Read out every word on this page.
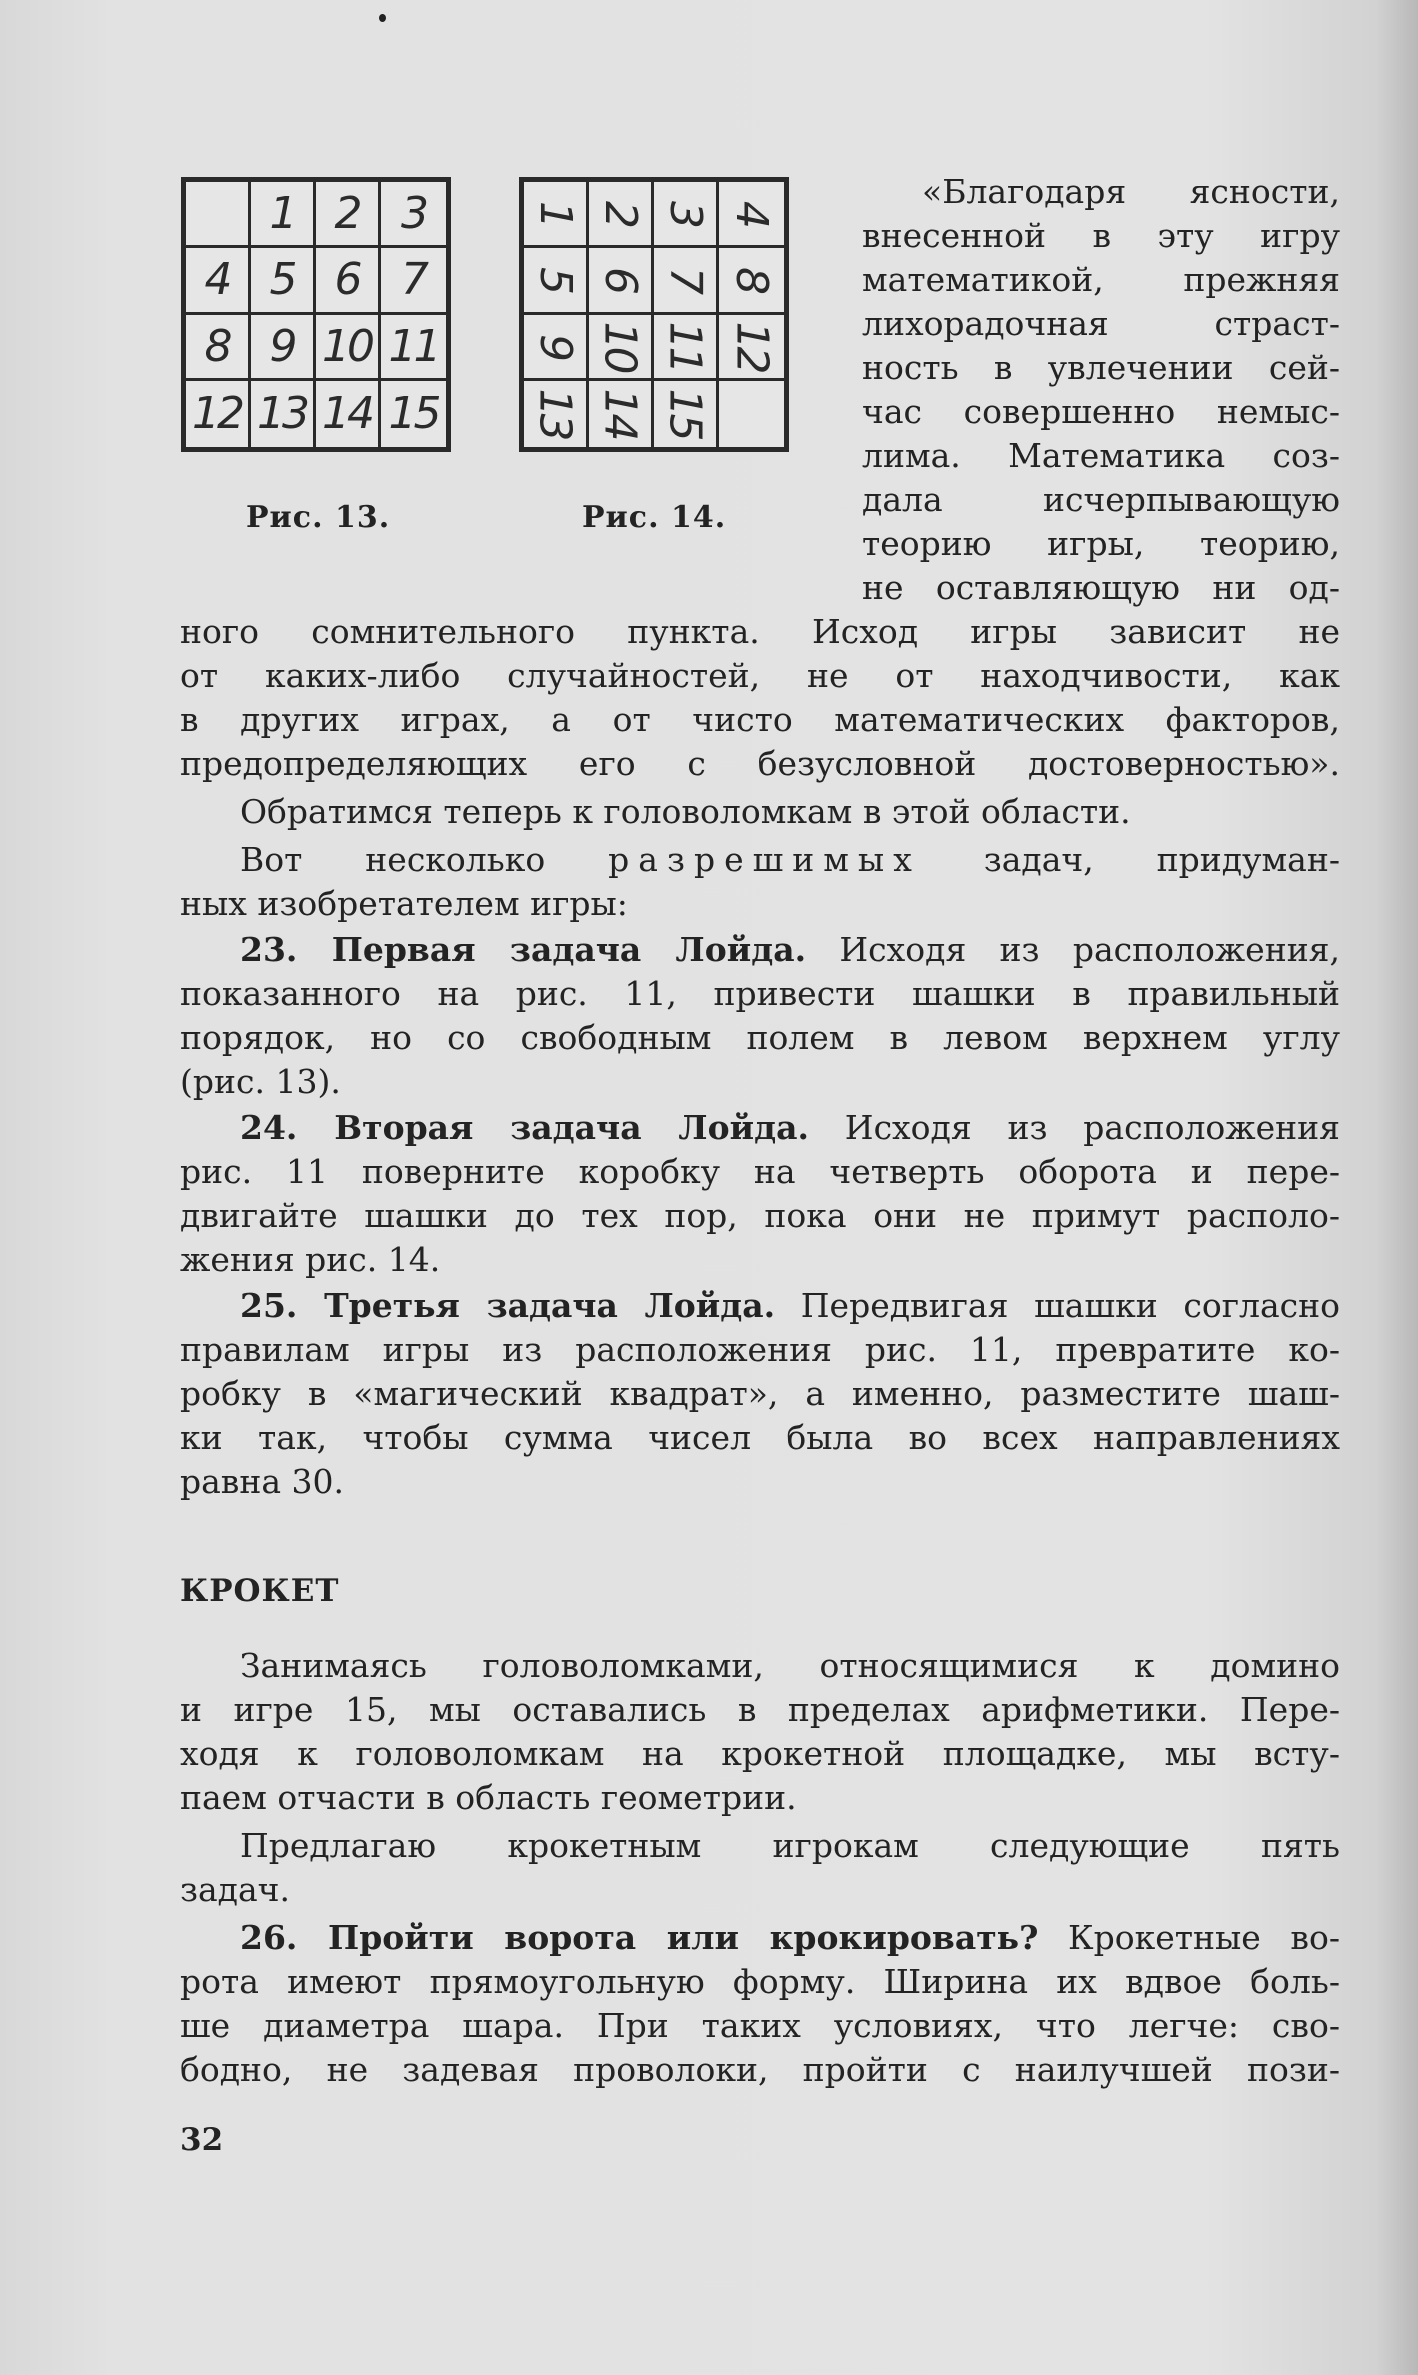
1 2 3
4 5 6 7
8 9 10 11
12 13 14 15
1 2 3 4
5 6 7 8
9 10 11 12
13 14 15
Рис. 13.	Рис. 14.

«Благодаря ясности,

внесенной в эту игру

математикой, прежняя

лихорадочная страст-

ность в увлечении сей-

час совершенно немыс-

лима. Математика соз-

дала исчерпывающую

теорию игры, теорию,

не оставляющую ни од-

ного сомнительного пункта. Исход игры зависит не

от каких-либо случайностей, не от находчивости, как

в других играх, а от чисто математических факторов,

предопределяющих его с безусловной достоверностью».

Обратимся теперь к головоломкам в этой области.

Вот несколько разрешимых задач, придуман-

ных изобретателем игры:

23. Первая задача Лойда. Исходя из расположения,

показанного на рис. 11, привести шашки в правильный

порядок, но со свободным полем в левом верхнем углу

(рис. 13).

24. Вторая задача Лойда. Исходя из расположения

рис. 11 поверните коробку на четверть оборота и пере-

двигайте шашки до тех пор, пока они не примут располо-

жения рис. 14.

25. Третья задача Лойда. Передвигая шашки согласно

правилам игры из расположения рис. 11, превратите ко-

робку в «магический квадрат», а именно, разместите шаш-

ки так, чтобы сумма чисел была во всех направлениях

равна 30.

КРОКЕТ

Занимаясь головоломками, относящимися к домино

и игре 15, мы оставались в пределах арифметики. Пере-

ходя к головоломкам на крокетной площадке, мы всту-

паем отчасти в область геометрии.

Предлагаю крокетным игрокам следующие пять

задач.

26. Пройти ворота или крокировать? Крокетные во-

рота имеют прямоугольную форму. Ширина их вдвое боль-

ше диаметра шара. При таких условиях, что легче: сво-

бодно, не задевая проволоки, пройти с наилучшей пози-

32
